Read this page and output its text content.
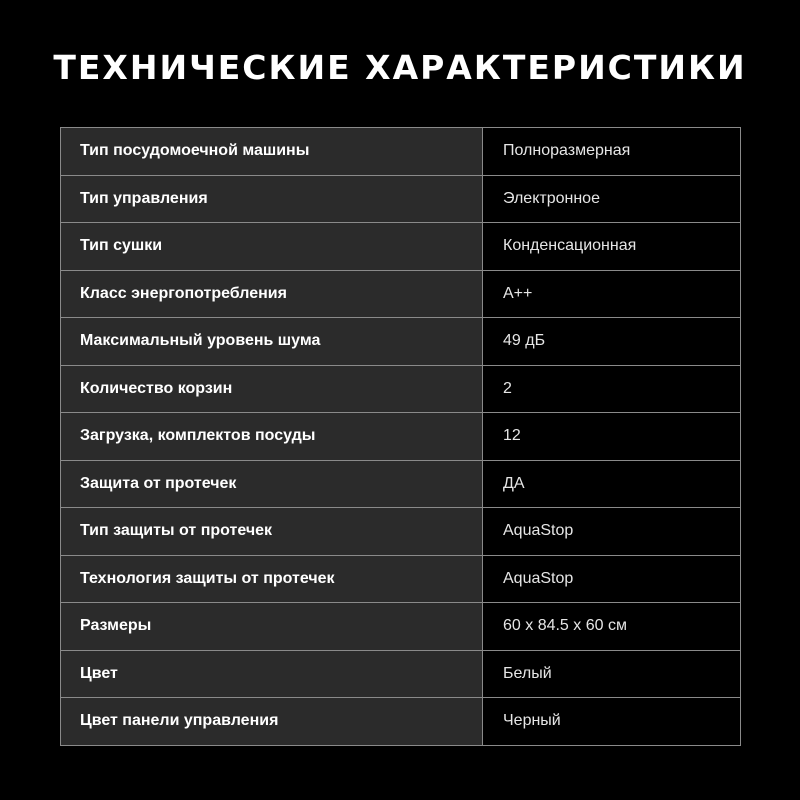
ТЕХНИЧЕСКИЕ ХАРАКТЕРИСТИКИ
Тип посудомоечной машины	Полноразмерная

Тип управления	Электронное

Тип сушки	Конденсационная

Класс энергопотребления	A++

Максимальный уровень шума	49 дБ

Количество корзин	2

Загрузка, комплектов посуды	12

Защита от протечек	ДА

Тип защиты от протечек	AquaStop

Технология защиты от протечек	AquaStop

Размеры	60 x 84.5 x 60 см

Цвет	Белый

Цвет панели управления	Черный
